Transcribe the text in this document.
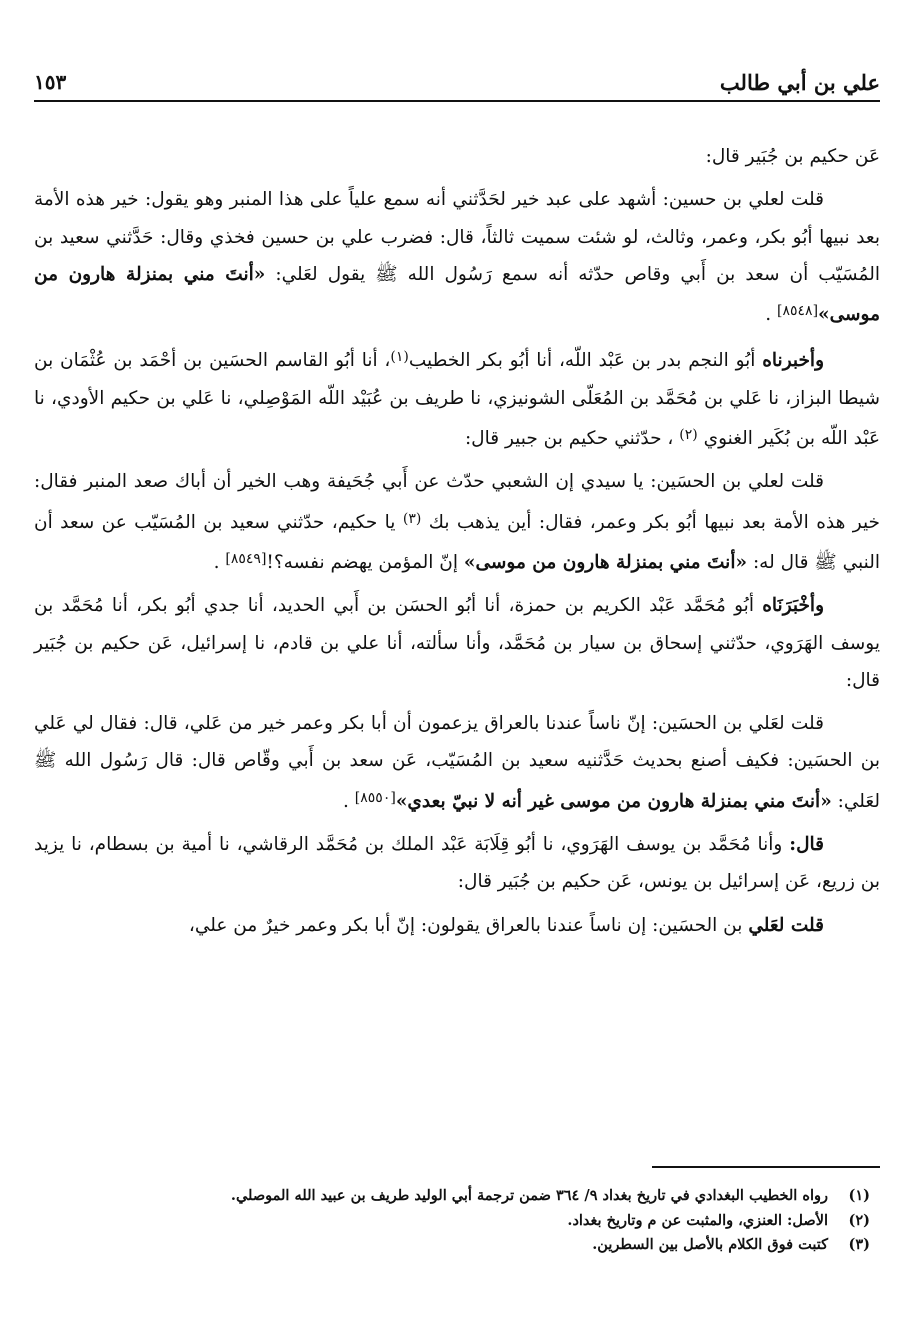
علي بن أبي طالب
١٥٣

عَن حكيم بن جُبَير قال:

قلت لعلي بن حسين: أشهد على عبد خير لحَدَّثني أنه سمع علياً على هذا المنبر وهو يقول: خير هذه الأمة بعد نبيها أبُو بكر، وعمر، وثالث، لو شئت سميت ثالثاً، قال: فضرب علي بن حسين فخذي وقال: حَدَّثني سعيد بن المُسَيّب أن سعد بن أَبي وقاص حدّثه أنه سمع رَسُول الله ﷺ يقول لعَلي: «أنتَ مني بمنزلة هارون من موسى»[٨٥٤٨] .

وأخبرناه أبُو النجم بدر بن عَبْد اللّه، أنا أبُو بكر الخطيب$^{(١)}$، أنا أبُو القاسم الحسَين بن أحْمَد بن عُثْمَان بن شيطا البزاز، نا عَلي بن مُحَمَّد بن المُعَلّى الشونيزي، نا طريف بن عُبَيْد اللّه المَوْصِلي، نا عَلي بن حكيم الأودي، نا عَبْد اللّه بن بُكَير الغنوي $^{(٢)}$ ، حدّثني حكيم بن جبير قال:

قلت لعلي بن الحسَين: يا سيدي إن الشعبي حدّث عن أَبي جُحَيفة وهب الخير أن أباك صعد المنبر فقال: خير هذه الأمة بعد نبيها أبُو بكر وعمر، فقال: أين يذهب بك $^{(٣)}$ يا حكيم، حدّثني سعيد بن المُسَيّب عن سعد أن النبي ﷺ قال له: «أنتَ مني بمنزلة هارون من موسى» إنّ المؤمن يهضم نفسه؟![٨٥٤٩] .

وأخْبَرَنَاه أبُو مُحَمَّد عَبْد الكريم بن حمزة، أنا أبُو الحسَن بن أَبي الحديد، أنا جدي أبُو بكر، أنا مُحَمَّد بن يوسف الهَرَوي، حدّثني إسحاق بن سيار بن مُحَمَّد، وأنا سألته، أنا علي بن قادم، نا إسرائيل، عَن حكيم بن جُبَير قال:

قلت لعَلي بن الحسَين: إنّ ناساً عندنا بالعراق يزعمون أن أبا بكر وعمر خير من عَلي، قال: فقال لي عَلي بن الحسَين: فكيف أصنع بحديث حَدَّثنيه سعيد بن المُسَيّب، عَن سعد بن أَبي وقّاص قال: قال رَسُول الله ﷺ لعَلي: «أنتَ مني بمنزلة هارون من موسى غير أنه لا نبيّ بعدي»[٨٥٥٠] .

قال: وأنا مُحَمَّد بن يوسف الهَرَوي، نا أبُو قِلَابَة عَبْد الملك بن مُحَمَّد الرقاشي، نا أمية بن بسطام، نا يزيد بن زريع، عَن إسرائيل بن يونس، عَن حكيم بن جُبَير قال:

قلت لعَلي بن الحسَين: إن ناساً عندنا بالعراق يقولون: إنّ أبا بكر وعمر خيرٌ من علي،

(١)رواه الخطيب البغدادي في تاريخ بغداد ٩/ ٣٦٤ ضمن ترجمة أبي الوليد طريف بن عبيد الله الموصلي.

(٢)الأصل: العنزي، والمثبت عن م وتاريخ بغداد.

(٣)كتبت فوق الكلام بالأصل بين السطرين.
